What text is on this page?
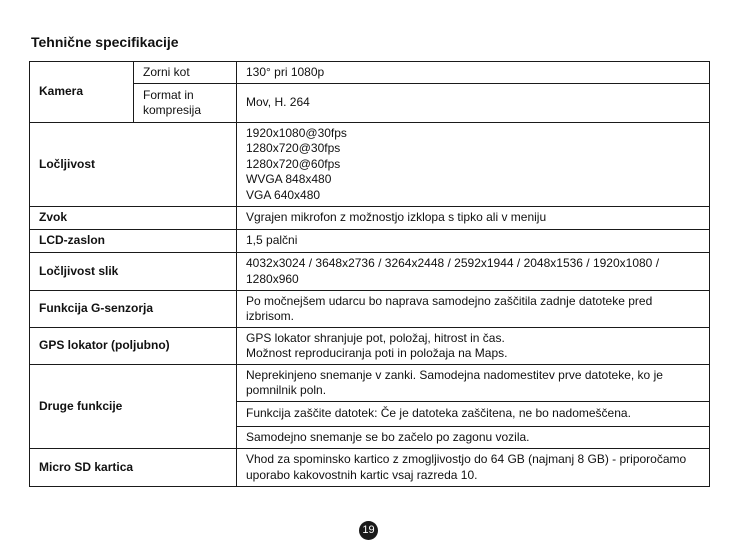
Tehnične specifikacije
Kamera	Zorni kot	130° pri 1080p
	Format in kompresija	Mov, H. 264
Ločljivost		1920x1080@30fps
1280x720@30fps
1280x720@60fps
WVGA 848x480
VGA 640x480

Zvok		Vgrajen mikrofon z možnostjo izklopa s tipko ali v meniju
LCD-zaslon		1,5 palčni
Ločljivost slik		4032x3024 / 3648x2736 / 3264x2448 / 2592x1944 / 2048x1536 / 1920x1080 / 1280x960
Funkcija G-senzorja		Po močnejšem udarcu bo naprava samodejno zaščitila zadnje datoteke pred izbrisom.
GPS lokator (poljubno)		GPS lokator shranjuje pot, položaj, hitrost in čas.
Možnost reproduciranja poti in položaja na Maps.

Druge funkcije		Neprekinjeno snemanje v zanki. Samodejna nadomestitev prve datoteke, ko je pomnilnik poln.
		Funkcija zaščite datotek: Če je datoteka zaščitena, ne bo nadomeščena.
		Samodejno snemanje se bo začelo po zagonu vozila.
Micro SD kartica		Vhod za spominsko kartico z zmogljivostjo do 64 GB (najmanj 8 GB) - priporočamo uporabo kakovostnih kartic vsaj razreda 10.
19
